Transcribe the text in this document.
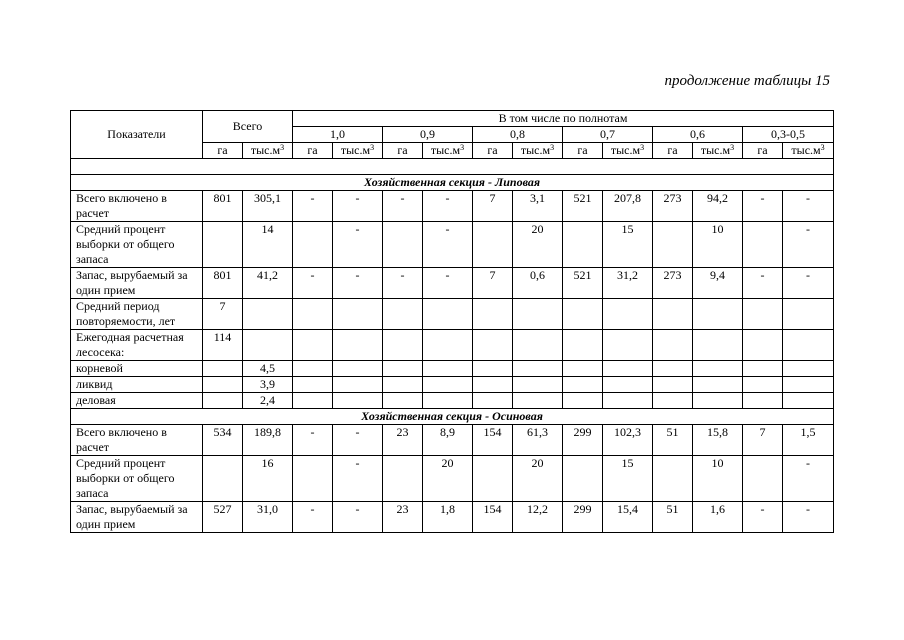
продолжение таблицы 15
Показатели	Всего		В том числе по полнотам											
			1,0		0,9		0,8		0,7		0,6		0,3-0,5	
	га	$тыс.м^3$	га	$тыс.м^3$	га	$тыс.м^3$	га	$тыс.м^3$	га	$тыс.м^3$	га	$тыс.м^3$	га	$тыс.м^3$

Хозяйственная секция - Липовая														
Всего включено в расчет	801	305,1	-	-	-	-	7	3,1	521	207,8	273	94,2	-	-
Средний процент выборки от общего запаса		14		-		-		20		15		10		-
Запас, вырубаемый за один прием	801	41,2	-	-	-	-	7	0,6	521	31,2	273	9,4	-	-
Средний период повторяемости, лет	7													
Ежегодная расчетная лесосека:	114													
корневой		4,5												
ликвид		3,9												
деловая		2,4												
Хозяйственная секция - Осиновая														
Всего включено в расчет	534	189,8	-	-	23	8,9	154	61,3	299	102,3	51	15,8	7	1,5
Средний процент выборки от общего запаса		16		-		20		20		15		10		-
Запас, вырубаемый за один прием	527	31,0	-	-	23	1,8	154	12,2	299	15,4	51	1,6	-	-
